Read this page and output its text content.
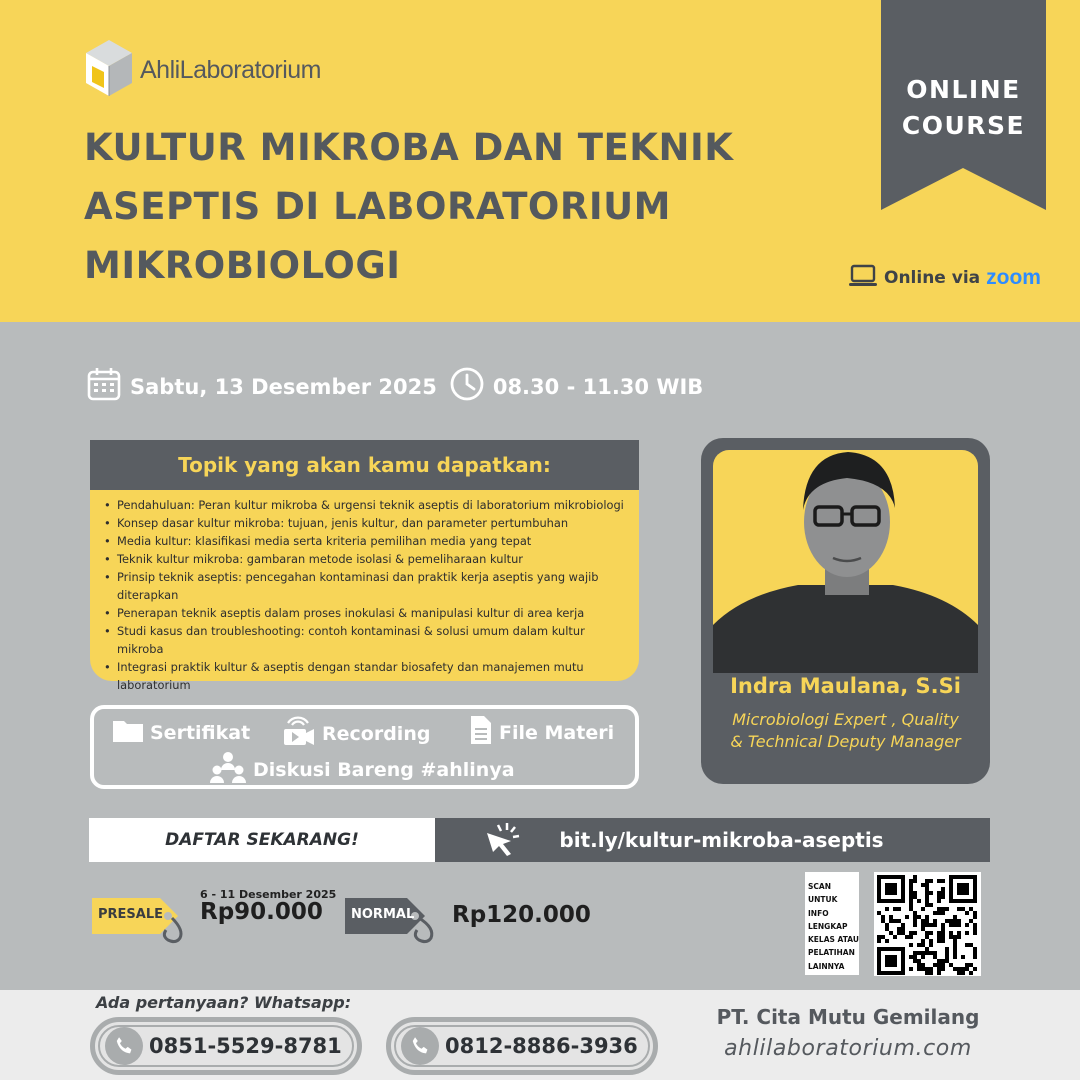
AhliLaboratorium
KULTUR MIKROBA DAN TEKNIK
ASEPTIS DI LABORATORIUM
MIKROBIOLOGI
ONLINE
COURSE
Online via zoom
Sabtu, 13 Desember 2025	08.30 - 11.30 WIB
Topik yang akan kamu dapatkan:
• Pendahuluan: Peran kultur mikroba & urgensi teknik aseptis di laboratorium mikrobiologi
• Konsep dasar kultur mikroba: tujuan, jenis kultur, dan parameter pertumbuhan
• Media kultur: klasifikasi media serta kriteria pemilihan media yang tepat
• Teknik kultur mikroba: gambaran metode isolasi & pemeliharaan kultur
• Prinsip teknik aseptis: pencegahan kontaminasi dan praktik kerja aseptis yang wajib diterapkan
• Penerapan teknik aseptis dalam proses inokulasi & manipulasi kultur di area kerja
• Studi kasus dan troubleshooting: contoh kontaminasi & solusi umum dalam kultur mikroba
• Integrasi praktik kultur & aseptis dengan standar biosafety dan manajemen mutu laboratorium
Sertifikat	Recording	File Materi
Diskusi Bareng #ahlinya
Indra Maulana, S.Si
Microbiologi Expert , Quality
& Technical Deputy Manager
DAFTAR SEKARANG!	bit.ly/kultur-mikroba-aseptis
PRESALE
6 - 11 Desember 2025
Rp90.000 NORMAL Rp120.000
SCAN
UNTUK
INFO
LENGKAP
KELAS ATAU
PELATIHAN
LAINNYA
Ada pertanyaan? Whatsapp:
0851-5529-8781	0812-8886-3936
PT. Cita Mutu Gemilang
ahlilaboratorium.com
